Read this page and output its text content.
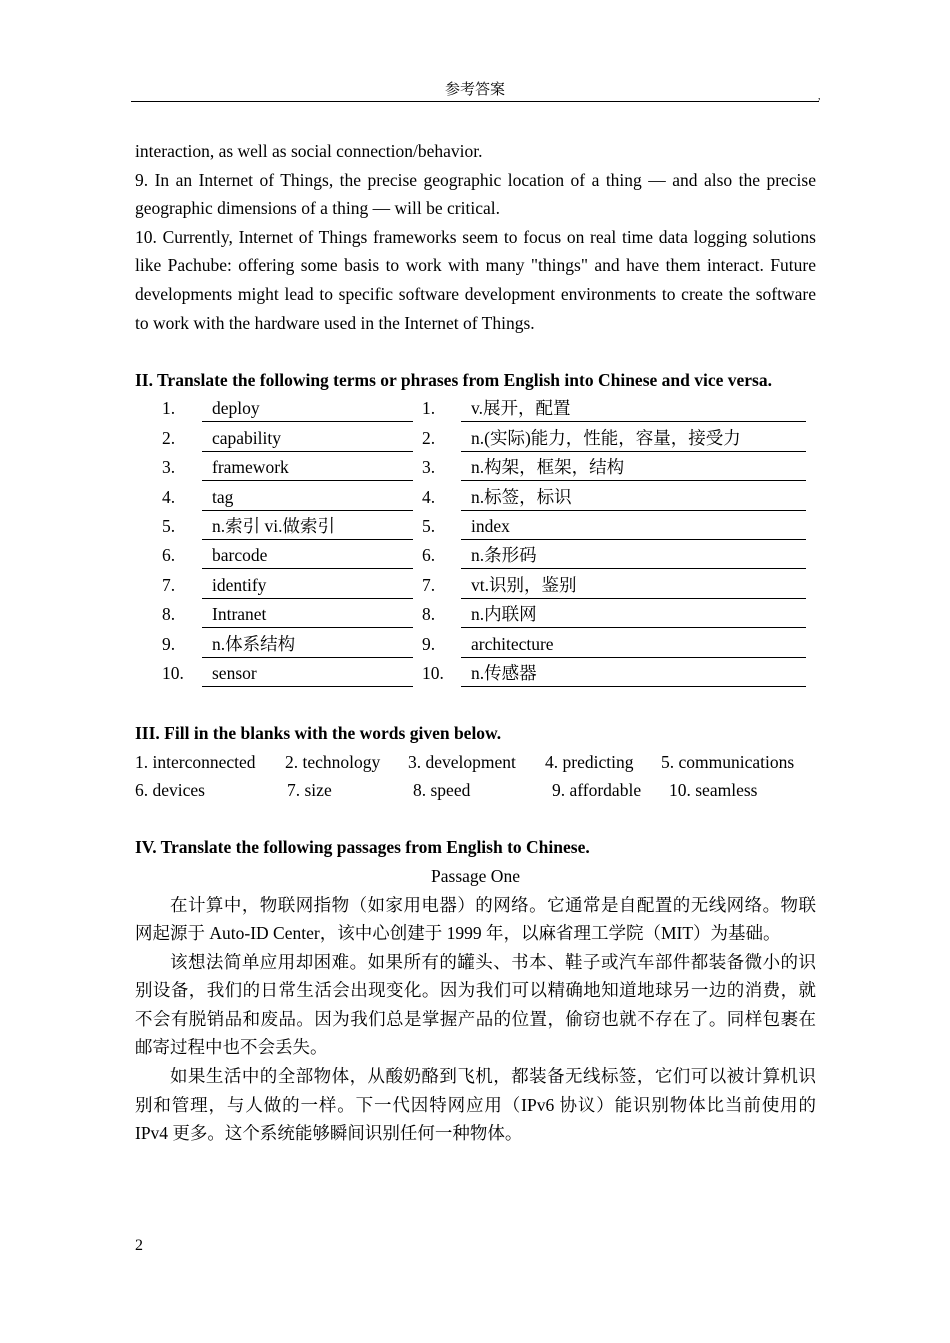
参考答案	,

interaction, as well as social connection/behavior.

9. In an Internet of Things, the precise geographic location of a thing — and also the precise geographic dimensions of a thing — will be critical.

10. Currently, Internet of Things frameworks seem to focus on real time data logging solutions like Pachube: offering some basis to work with many "things" and have them interact. Future developments might lead to specific software development environments to create the software to work with the hardware used in the Internet of Things.

II. Translate the following terms or phrases from English into Chinese and vice versa.

1.	deploy	1.	v.展开，配置
2.	capability	2.	n.(实际)能力，性能，容量，接受力
3.	framework	3.	n.构架，框架，结构
4.	tag	4.	n.标签，标识
5.	n.索引 vi.做索引	5.	index
6.	barcode	6.	n.条形码
7.	identify	7.	vt.识别，鉴别
8.	Intranet	8.	n.内联网
9.	n.体系结构	9.	architecture
10.	sensor	10.	n.传感器

III. Fill in the blanks with the words given below.

1. interconnected 2. technology 3. development 4. predicting 5. communications
6. devices	7. size	8. speed	9. affordable 10. seamless

IV. Translate the following passages from English to Chinese.

Passage One

在计算中，物联网指物（如家用电器）的网络。它通常是自配置的无线网络。物联网起源于 Auto-ID Center，该中心创建于 1999 年，以麻省理工学院（MIT）为基础。

该想法简单应用却困难。如果所有的罐头、书本、鞋子或汽车部件都装备微小的识别设备，我们的日常生活会出现变化。因为我们可以精确地知道地球另一边的消费，就不会有脱销品和废品。因为我们总是掌握产品的位置，偷窃也就不存在了。同样包裹在邮寄过程中也不会丢失。

如果生活中的全部物体，从酸奶酪到飞机，都装备无线标签，它们可以被计算机识别和管理，与人做的一样。下一代因特网应用（IPv6 协议）能识别物体比当前使用的 IPv4 更多。这个系统能够瞬间识别任何一种物体。

2
